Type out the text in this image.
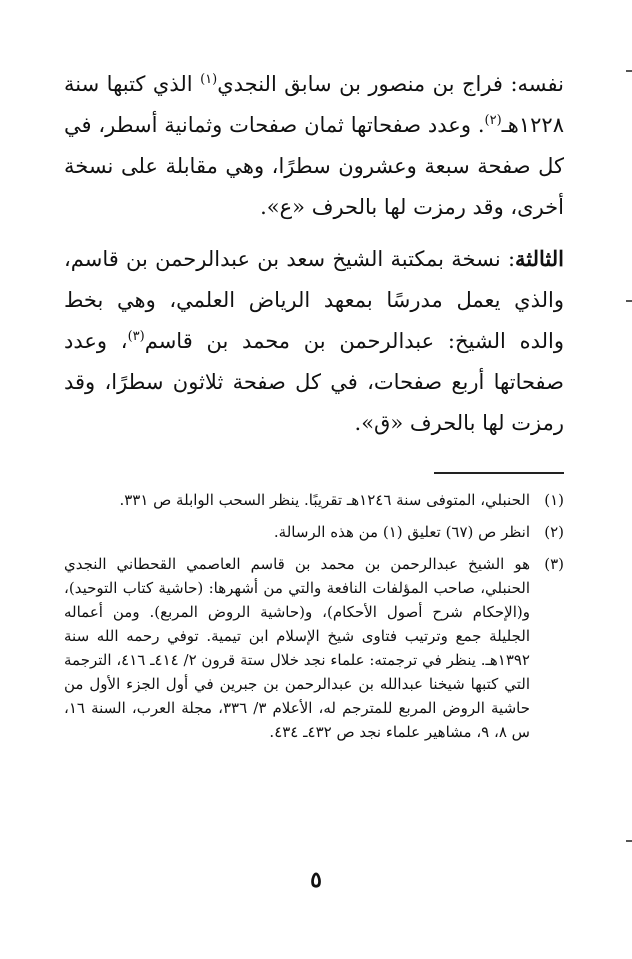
نفسه: فراج بن منصور بن سابق النجدي$^{(١)}$ الذي كتبها سنة ١٢٢٨هـ$^{(٢)}$. وعدد صفحاتها ثمان صفحات وثمانية أسطر، في كل صفحة سبعة وعشرون سطرًا، وهي مقابلة على نسخة أخرى، وقد رمزت لها بالحرف «ع».

الثالثة: نسخة بمكتبة الشيخ سعد بن عبدالرحمن بن قاسم، والذي يعمل مدرسًا بمعهد الرياض العلمي، وهي بخط والده الشيخ: عبدالرحمن بن محمد بن قاسم$^{(٣)}$، وعدد صفحاتها أربع صفحات، في كل صفحة ثلاثون سطرًا، وقد رمزت لها بالحرف «ق».

(١)
الحنبلي، المتوفى سنة ١٢٤٦هـ تقريبًا. ينظر السحب الوابلة ص ٣٣١.
(٢)
انظر ص (٦٧) تعليق (١) من هذه الرسالة.
(٣)
هو الشيخ عبدالرحمن بن محمد بن قاسم العاصمي القحطاني النجدي الحنبلي، صاحب المؤلفات النافعة والتي من أشهرها: (حاشية كتاب التوحيد)، و(الإحكام شرح أصول الأحكام)، و(حاشية الروض المربع). ومن أعماله الجليلة جمع وترتيب فتاوى شيخ الإسلام ابن تيمية. توفي رحمه الله سنة ١٣٩٢هـ. ينظر في ترجمته: علماء نجد خلال ستة قرون ٢/ ٤١٤ـ ٤١٦، الترجمة التي كتبها شيخنا عبدالله بن عبدالرحمن بن جبرين في أول الجزء الأول من حاشية الروض المربع للمترجم له، الأعلام ٣/ ٣٣٦، مجلة العرب، السنة ١٦، س ٨، ٩، مشاهير علماء نجد ص ٤٣٢ـ ٤٣٤.
٥
